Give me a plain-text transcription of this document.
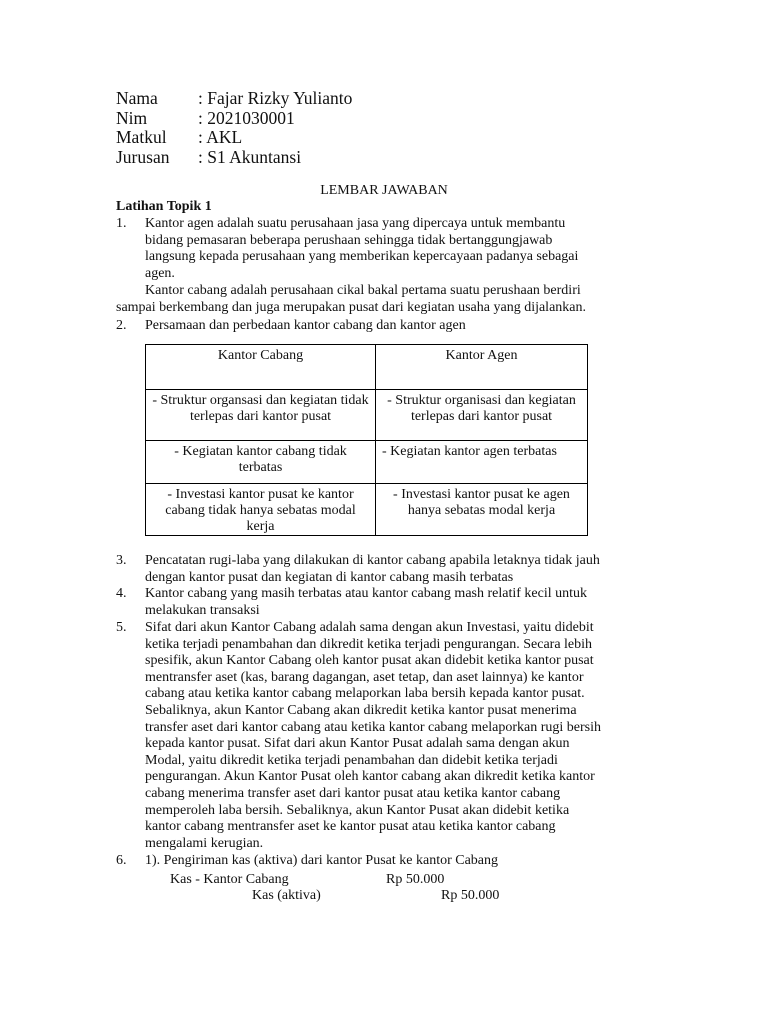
Nama : Fajar Rizky Yulianto
Nim	: 2021030001
Matkul : AKL
Jurusan : S1 Akuntansi
LEMBAR JAWABAN
Latihan Topik 1
1. Kantor agen adalah suatu perusahaan jasa yang dipercaya untuk membantu
bidang pemasaran beberapa perushaan sehingga tidak bertanggungjawab
langsung kepada perusahaan yang memberikan kepercayaan padanya sebagai
agen.
Kantor cabang adalah perusahaan cikal bakal pertama suatu perushaan berdiri
sampai berkembang dan juga merupakan pusat dari kegiatan usaha yang dijalankan.
2. Persamaan dan perbedaan kantor cabang dan kantor agen
Kantor Cabang	Kantor Agen
- Struktur organsasi dan kegiatan tidak terlepas dari kantor pusat	- Struktur organisasi dan kegiatan terlepas dari kantor pusat
- Kegiatan kantor cabang tidak terbatas	- Kegiatan kantor agen terbatas
- Investasi kantor pusat ke kantor cabang tidak hanya sebatas modal kerja	- Investasi kantor pusat ke agen hanya sebatas modal kerja
3. Pencatatan rugi-laba yang dilakukan di kantor cabang apabila letaknya tidak jauh
dengan kantor pusat dan kegiatan di kantor cabang masih terbatas
4. Kantor cabang yang masih terbatas atau kantor cabang mash relatif kecil untuk
melakukan transaksi
5. Sifat dari akun Kantor Cabang adalah sama dengan akun Investasi, yaitu didebit
ketika terjadi penambahan dan dikredit ketika terjadi pengurangan. Secara lebih
spesifik, akun Kantor Cabang oleh kantor pusat akan didebit ketika kantor pusat
mentransfer aset (kas, barang dagangan, aset tetap, dan aset lainnya) ke kantor
cabang atau ketika kantor cabang melaporkan laba bersih kepada kantor pusat.
Sebaliknya, akun Kantor Cabang akan dikredit ketika kantor pusat menerima
transfer aset dari kantor cabang atau ketika kantor cabang melaporkan rugi bersih
kepada kantor pusat. Sifat dari akun Kantor Pusat adalah sama dengan akun
Modal, yaitu dikredit ketika terjadi penambahan dan didebit ketika terjadi
pengurangan. Akun Kantor Pusat oleh kantor cabang akan dikredit ketika kantor
cabang menerima transfer aset dari kantor pusat atau ketika kantor cabang
memperoleh laba bersih. Sebaliknya, akun Kantor Pusat akan didebit ketika
kantor cabang mentransfer aset ke kantor pusat atau ketika kantor cabang
mengalami kerugian.
6. 1). Pengiriman kas (aktiva) dari kantor Pusat ke kantor Cabang
Kas - Kantor Cabang	Rp 50.000
Kas (aktiva)	Rp 50.000
